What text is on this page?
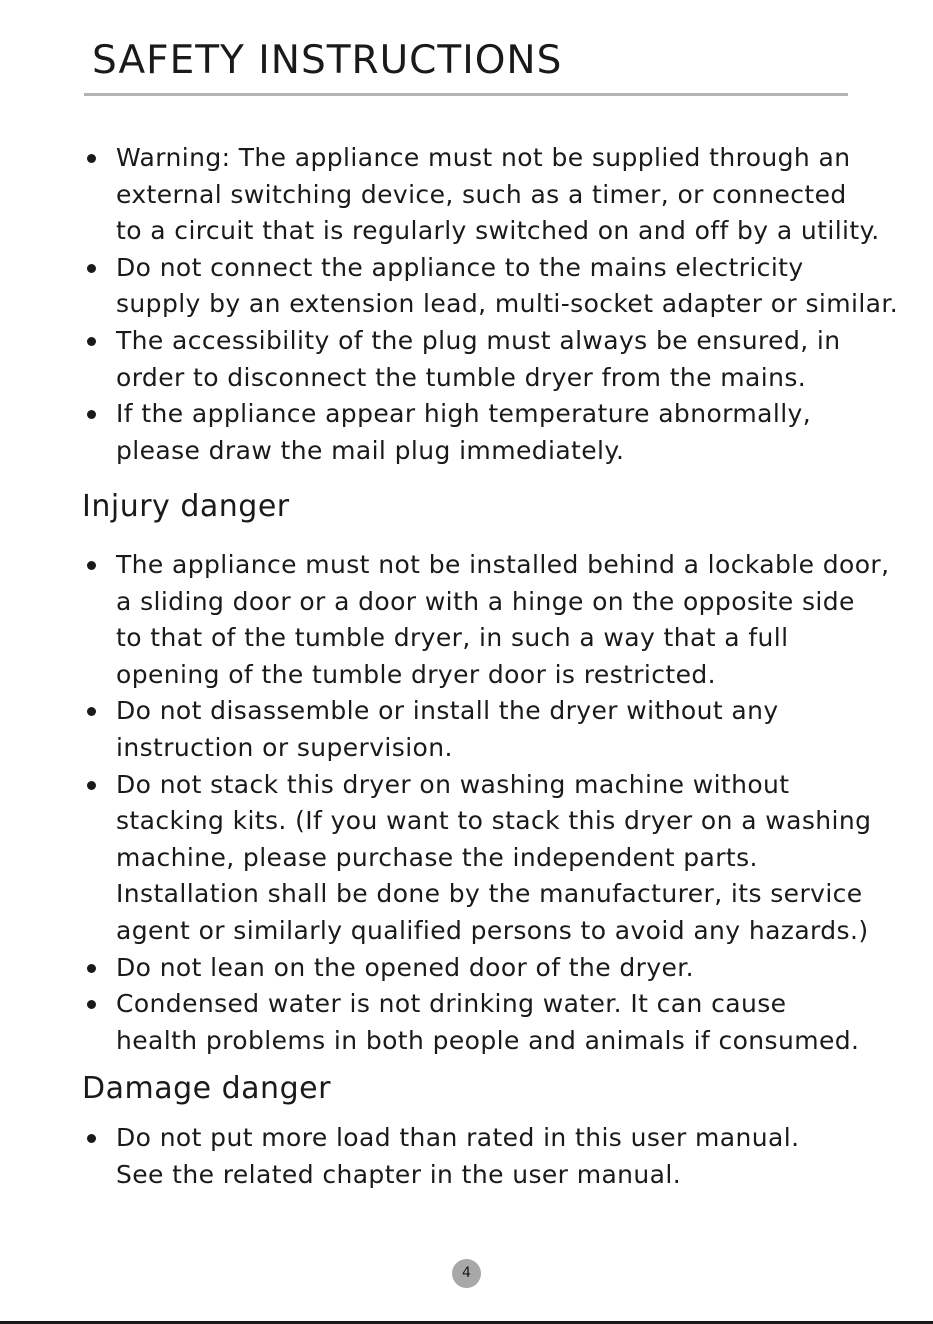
SAFETY INSTRUCTIONS
Warning: The appliance must not be supplied through an
external switching device, such as a timer, or connected
to a circuit that is regularly switched on and off by a utility.
Do not connect the appliance to the mains electricity
supply by an extension lead, multi-socket adapter or similar.
The accessibility of the plug must always be ensured, in
order to disconnect the tumble dryer from the mains.
If the appliance appear high temperature abnormally,
please draw the mail plug immediately.
Injury danger
The appliance must not be installed behind a lockable door,
a sliding door or a door with a hinge on the opposite side
to that of the tumble dryer, in such a way that a full
opening of the tumble dryer door is restricted.
Do not disassemble or install the dryer without any
instruction or supervision.
Do not stack this dryer on washing machine without
stacking kits. (If you want to stack this dryer on a washing
machine, please purchase the independent parts.
Installation shall be done by the manufacturer, its service
agent or similarly qualified persons to avoid any hazards.)
Do not lean on the opened door of the dryer.
Condensed water is not drinking water. It can cause
health problems in both people and animals if consumed.
Damage danger
Do not put more load than rated in this user manual.
See the related chapter in the user manual.
4
